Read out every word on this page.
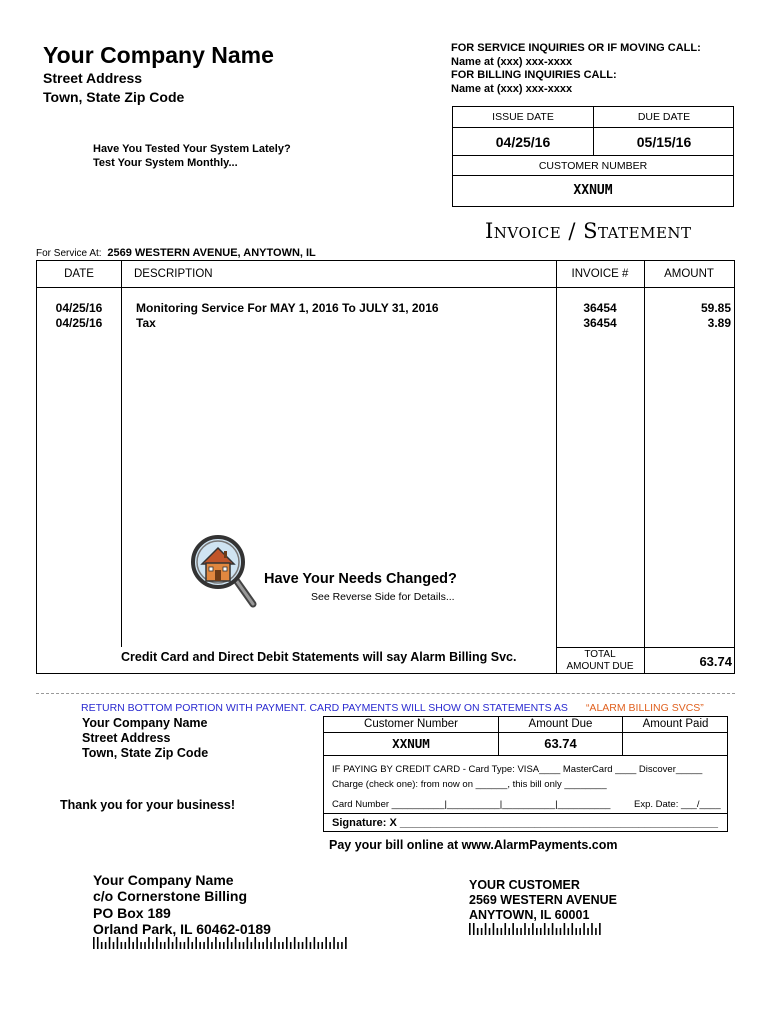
Your Company Name
Street Address
Town, State Zip Code
FOR SERVICE INQUIRIES OR IF MOVING CALL:
Name at (xxx) xxx-xxxx
FOR BILLING INQUIRIES CALL:
Name at (xxx) xxx-xxxx
Have You Tested Your System Lately?
Test Your System Monthly...
ISSUE DATE	DUE DATE
04/25/16	05/15/16
CUSTOMER NUMBER
XXNUM
Invoice / Statement
For Service At: 2569 WESTERN AVENUE, ANYTOWN, IL
DATE	DESCRIPTION	INVOICE #	AMOUNT
04/25/16	Monitoring Service For MAY 1, 2016 To JULY 31, 2016	36454	59.85
04/25/16	Tax	36454	3.89
Have Your Needs Changed?
See Reverse Side for Details...
Credit Card and Direct Debit Statements will say Alarm Billing Svc.	TOTAL
AMOUNT DUE	63.74
RETURN BOTTOM PORTION WITH PAYMENT. CARD PAYMENTS WILL SHOW ON STATEMENTS AS “ALARM BILLING SVCS”
Your Company Name
Street Address
Town, State Zip Code
Thank you for your business!
Customer Number	Amount Due	Amount Paid
XXNUM	63.74
IF PAYING BY CREDIT CARD - Card Type: VISA____ MasterCard ____ Discover_____
Charge (check one): from now on ______, this bill only ________
Card Number __________|__________|__________|__________ Exp. Date: ___/____
Signature: X ____________________________________________________
Pay your bill online at www.AlarmPayments.com
Your Company Name
c/o Cornerstone Billing
PO Box 189
Orland Park, IL 60462-0189
YOUR CUSTOMER
2569 WESTERN AVENUE
ANYTOWN, IL 60001
